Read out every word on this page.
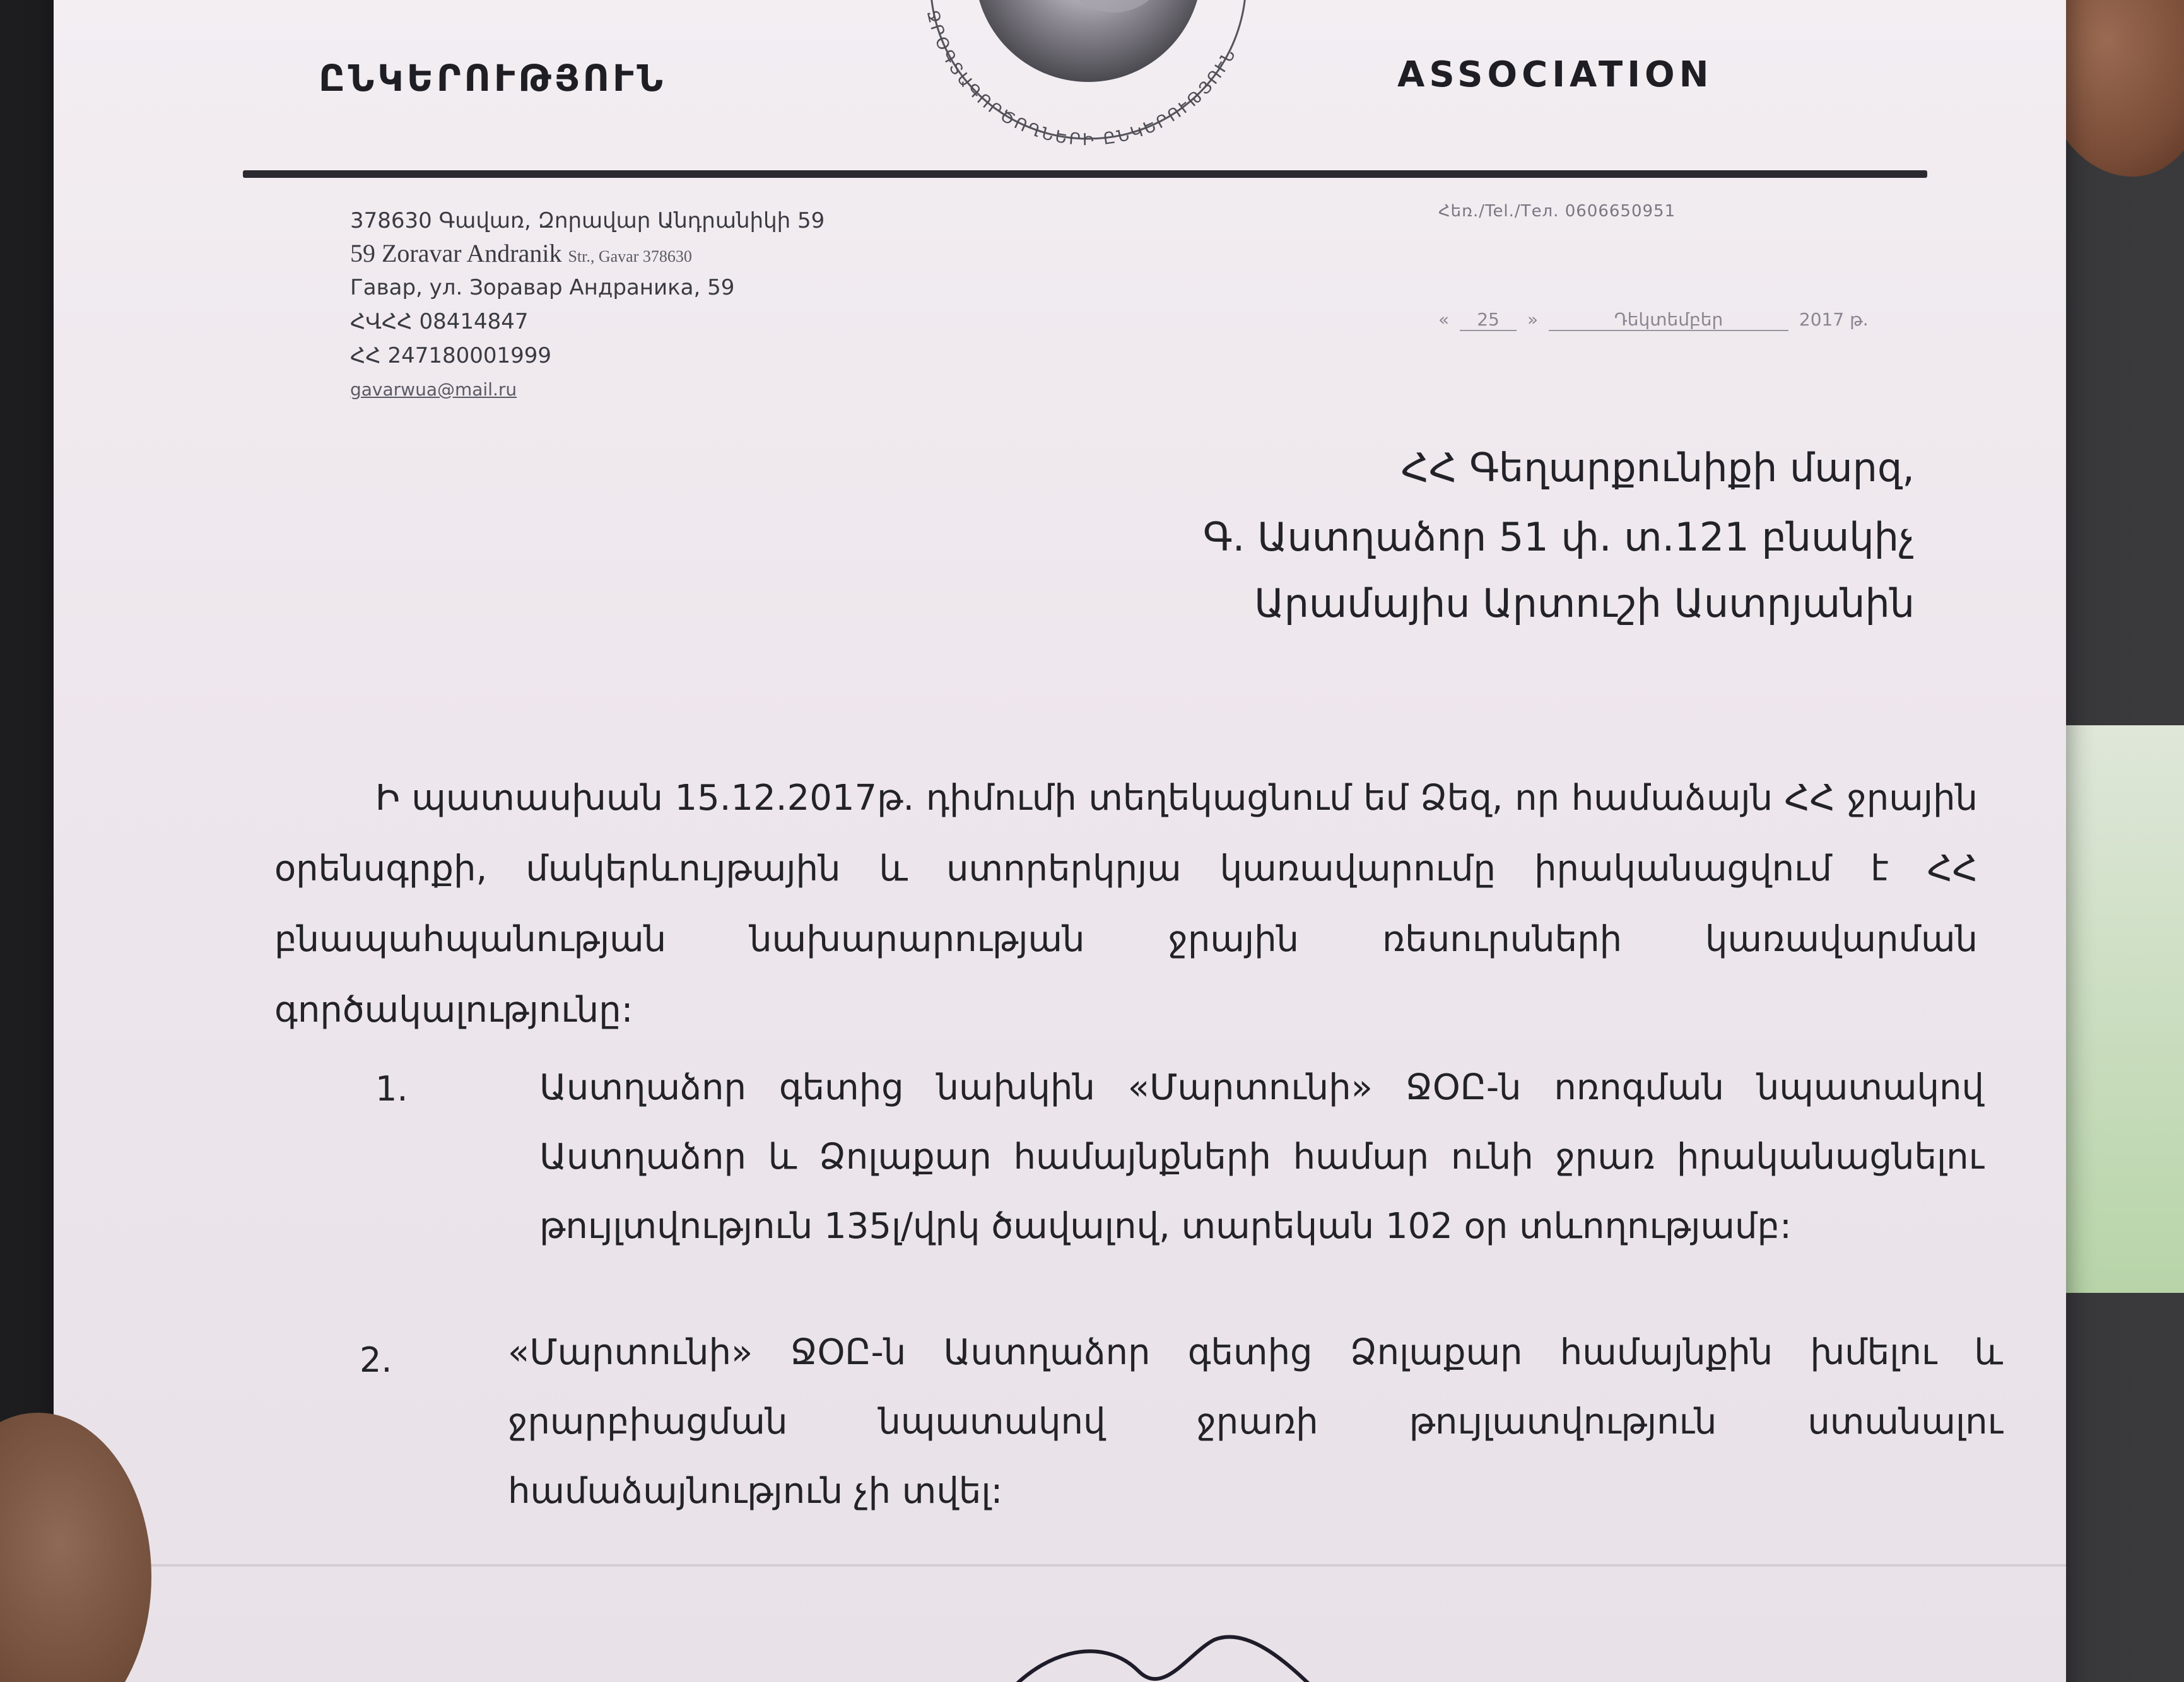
ՋՐՕԳՏԱԳՈՐԾՈՂՆԵՐԻ ԸՆԿԵՐՈՒԹՅՈՒՆ
ԸՆԿԵՐՈՒԹՅՈՒՆ	ASSOCIATION
378630 Գավառ, Զորավար Անդրանիկի 59
59 Zoravar Andranik Str., Gavar 378630
Гавар, ул. Зоравар Андраника, 59
ՀՎՀՀ 08414847
ՀՀ 247180001999
gavarwua@mail.ru
Հեռ./Tel./Тел. 0606650951
« 25 »	Դեկտեմբեր	2017 թ.
ՀՀ Գեղարքունիքի մարզ,
Գ. Աստղաձոր 51 փ. տ.121 բնակիչ
Արամայիս Արտուշի Աստրյանին
Ի պատասխան 15.12.2017թ. դիմումի տեղեկացնում եմ Ձեզ, որ համաձայն ՀՀ ջրային օրենսգրքի, մակերևույթային և ստորերկրյա կառավարումը իրականացվում է ՀՀ բնապահպանության նախարարության ջրային ռեսուրսների կառավարման գործակալությունը:
1.	Աստղաձոր գետից նախկին «Մարտունի» ՋՕԸ-ն ոռոգման նպատակով Աստղաձոր և Ձոլաքար համայնքների համար ունի ջրառ իրականացնելու թույլտվություն 135լ/վրկ ծավալով, տարեկան 102 օր տևողությամբ:
2.	«Մարտունի» ՋՕԸ-ն Աստղաձոր գետից Ձոլաքար համայնքին խմելու և ջրարբիացման նպատակով ջրառի թույլատվություն ստանալու համաձայնություն չի տվել:
